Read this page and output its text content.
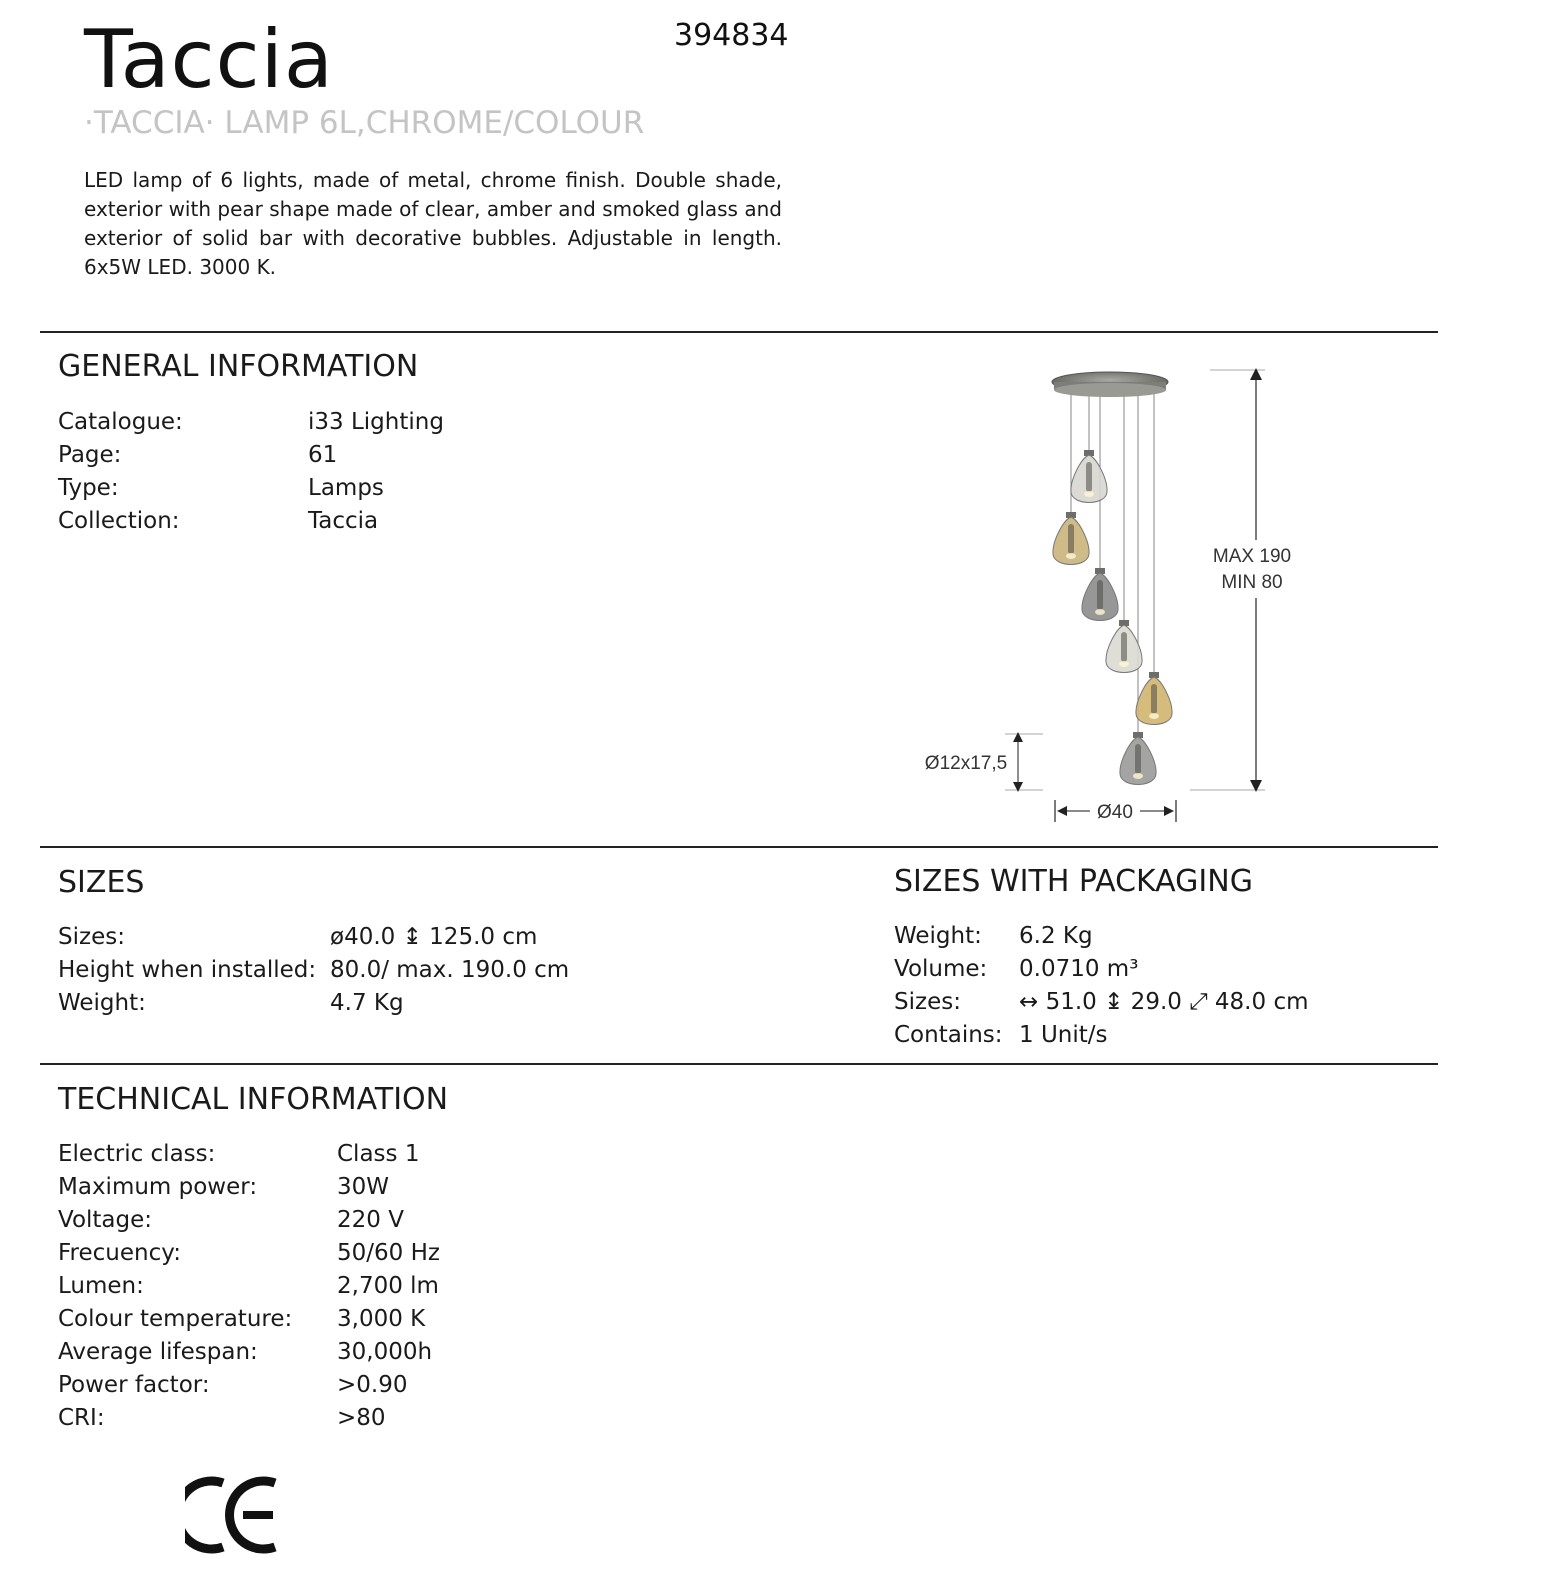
Taccia	394834
·TACCIA· LAMP 6L,CHROME/COLOUR
LED lamp of 6 lights, made of metal, chrome finish. Double shade, exterior with pear shape made of clear, amber and smoked glass and exterior of solid bar with decorative bubbles. Adjustable in length. 6x5W LED. 3000 K.
GENERAL INFORMATION
Catalogue:	i33 Lighting
Page:	61
Type:	Lamps
Collection:	Taccia
MAX 190
MIN 80
Ø12x17,5
Ø40
SIZES
Sizes:	ø40.0 ↨ 125.0 cm
Height when installed: 80.0/ max. 190.0 cm
Weight:	4.7 Kg
SIZES WITH PACKAGING
Weight: 6.2 Kg
Volume: 0.0710 m³
Sizes:	↔ 51.0 ↨ 29.0 ⤢ 48.0 cm
Contains: 1 Unit/s
TECHNICAL INFORMATION
Electric class:	Class 1
Maximum power:	30W
Voltage:	220 V
Frecuency:	50/60 Hz
Lumen:	2,700 lm
Colour temperature: 3,000 K
Average lifespan:	30,000h
Power factor:	>0.90
CRI:	>80
